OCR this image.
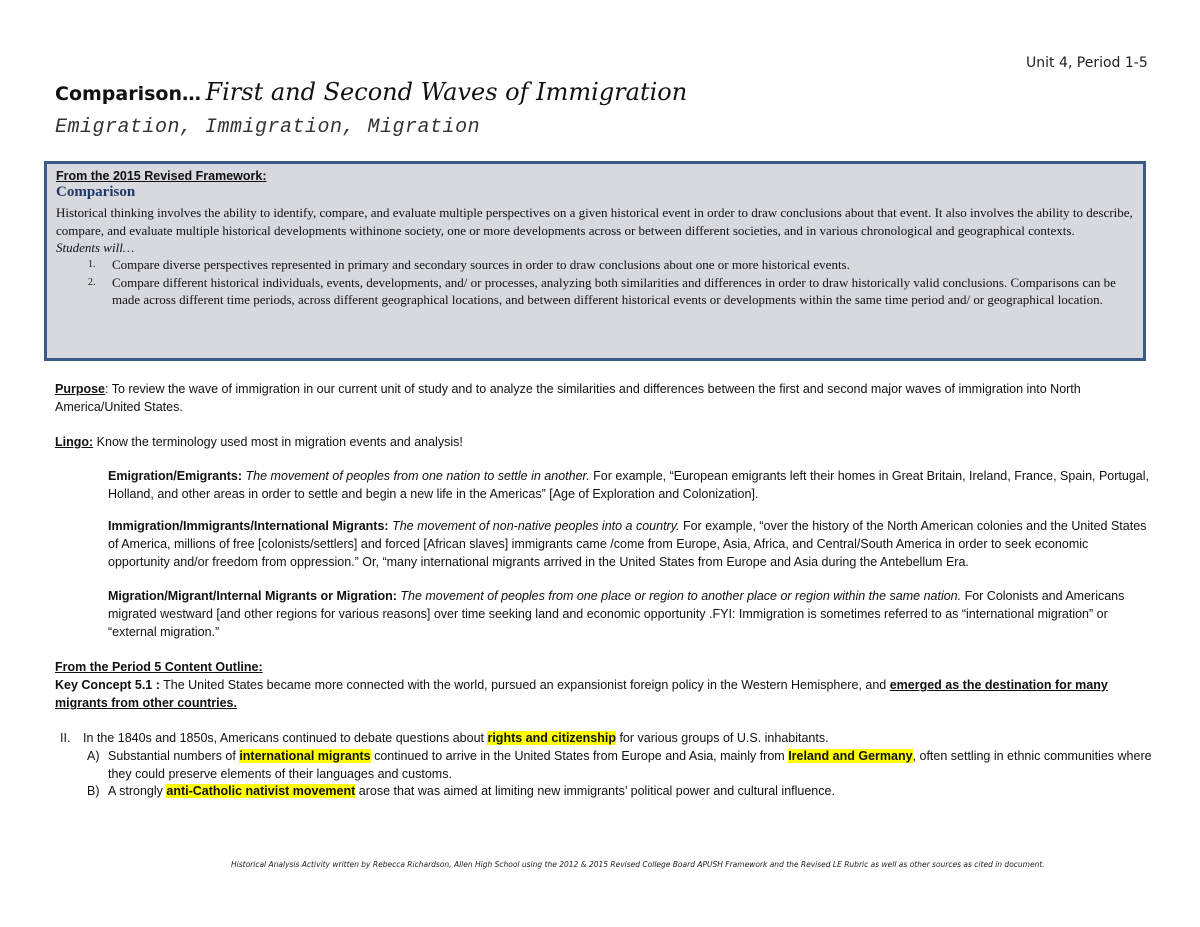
Unit 4, Period 1-5
Comparison… First and Second Waves of Immigration
Emigration, Immigration, Migration
From the 2015 Revised Framework:
Comparison
Historical thinking involves the ability to identify, compare, and evaluate multiple perspectives on a given historical event in order to draw conclusions about that event. It also involves the ability to describe, compare, and evaluate multiple historical developments withinone society, one or more developments across or between different societies, and in various chronological and geographical contexts.
Students will…
1. Compare diverse perspectives represented in primary and secondary sources in order to draw conclusions about one or more historical events.
2. Compare different historical individuals, events, developments, and/ or processes, analyzing both similarities and differences in order to draw historically valid conclusions. Comparisons can be made across different time periods, across different geographical locations, and between different historical events or developments within the same time period and/ or geographical location.
Purpose: To review the wave of immigration in our current unit of study and to analyze the similarities and differences between the first and second major waves of immigration into North America/United States.
Lingo: Know the terminology used most in migration events and analysis!
Emigration/Emigrants: The movement of peoples from one nation to settle in another. For example, “European emigrants left their homes in Great Britain, Ireland, France, Spain, Portugal, Holland, and other areas in order to settle and begin a new life in the Americas” [Age of Exploration and Colonization].
Immigration/Immigrants/International Migrants: The movement of non-native peoples into a country. For example, “over the history of the North American colonies and the United States of America, millions of free [colonists/settlers] and forced [African slaves] immigrants came /come from Europe, Asia, Africa, and Central/South America in order to seek economic opportunity and/or freedom from oppression.” Or, “many international migrants arrived in the United States from Europe and Asia during the Antebellum Era.
Migration/Migrant/Internal Migrants or Migration: The movement of peoples from one place or region to another place or region within the same nation. For Colonists and Americans migrated westward [and other regions for various reasons] over time seeking land and economic opportunity .FYI: Immigration is sometimes referred to as “international migration” or “external migration.”
From the Period 5 Content Outline:
Key Concept 5.1 : The United States became more connected with the world, pursued an expansionist foreign policy in the Western Hemisphere, and emerged as the destination for many migrants from other countries.
II. In the 1840s and 1850s, Americans continued to debate questions about rights and citizenship for various groups of U.S. inhabitants.
A) Substantial numbers of international migrants continued to arrive in the United States from Europe and Asia, mainly from Ireland and Germany, often settling in ethnic communities where they could preserve elements of their languages and customs.
B) A strongly anti-Catholic nativist movement arose that was aimed at limiting new immigrants’ political power and cultural influence.
Historical Analysis Activity written by Rebecca Richardson, Allen High School using the 2012 & 2015 Revised College Board APUSH Framework and the Revised LE Rubric as well as other sources as cited in document.
